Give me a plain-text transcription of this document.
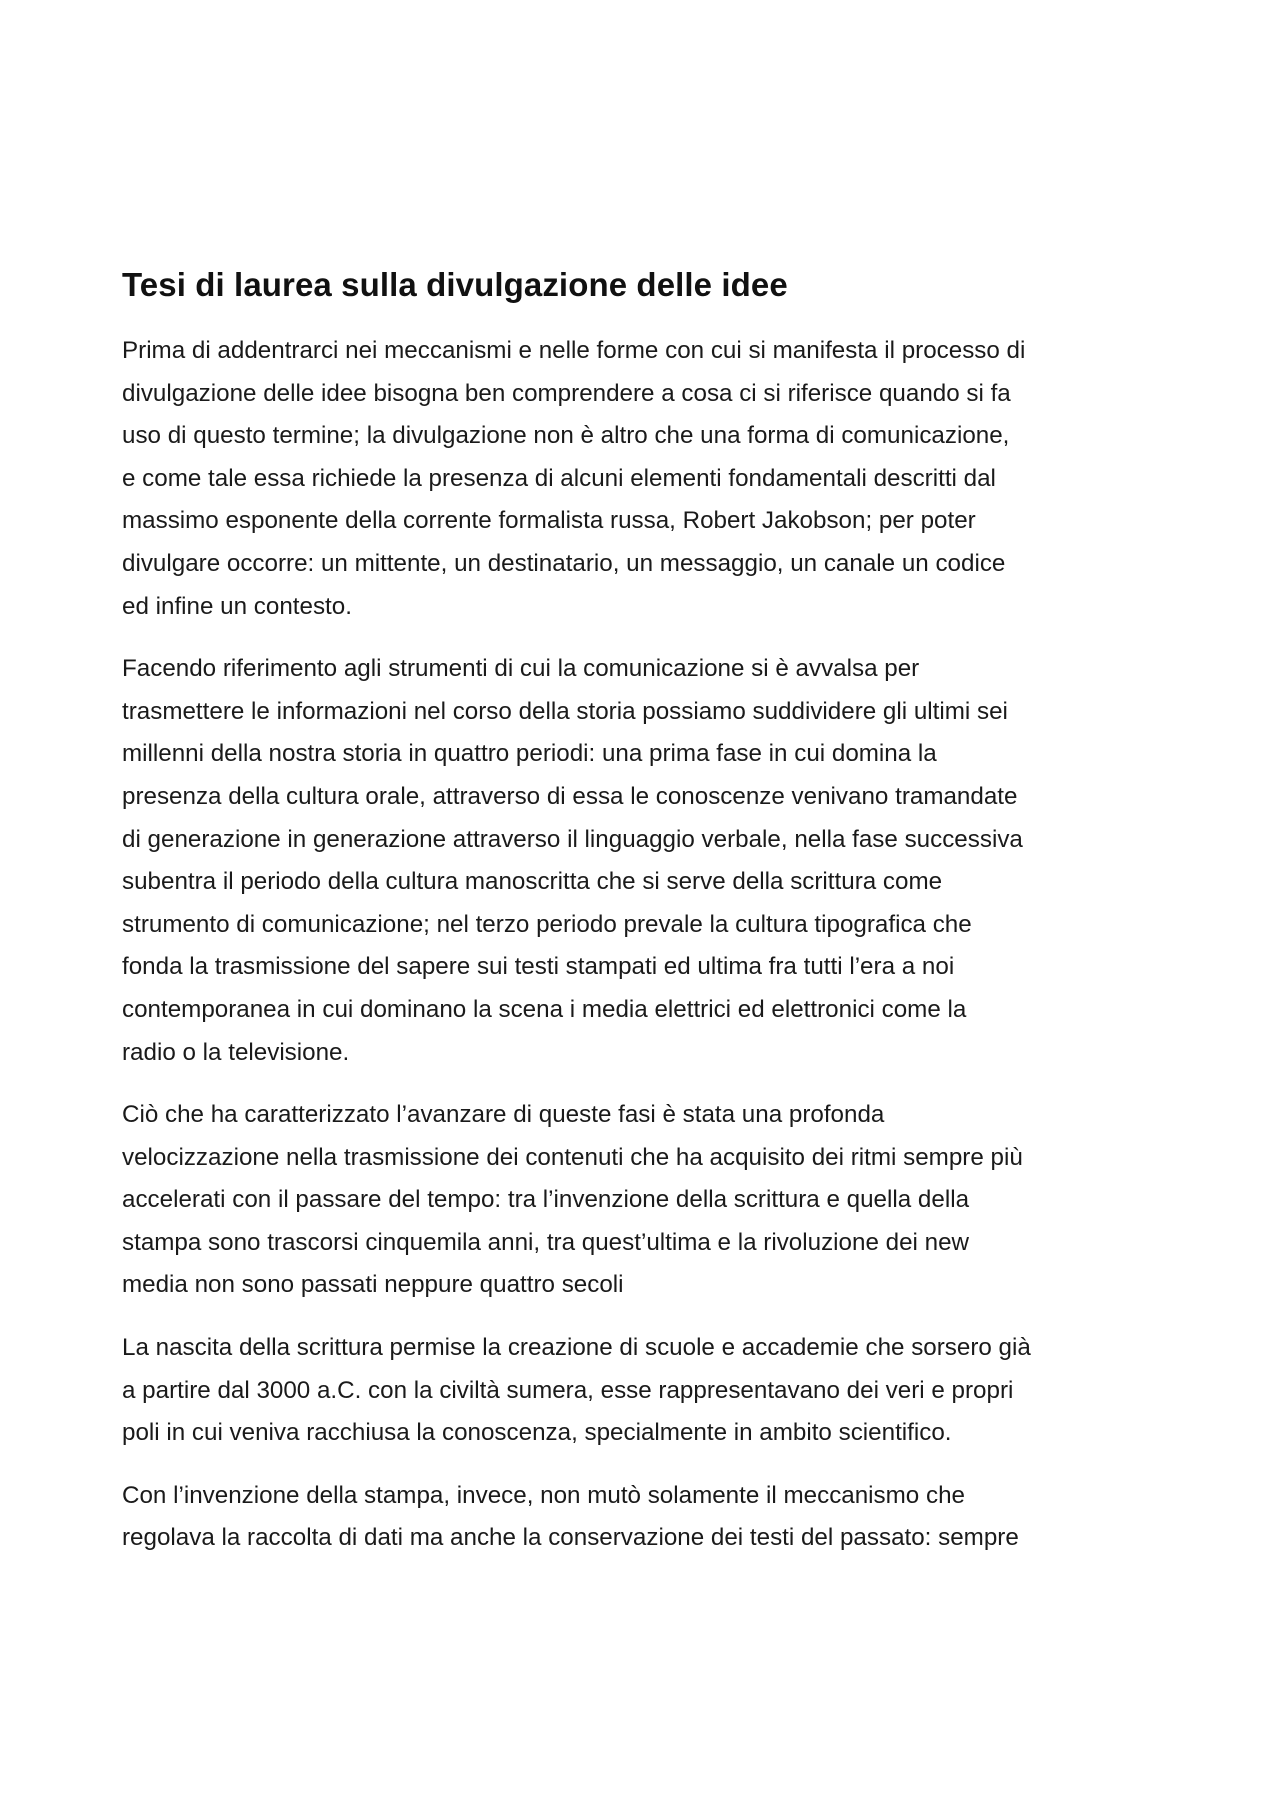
Tesi di laurea sulla divulgazione delle idee

Prima di addentrarci nei meccanismi e nelle forme con cui si manifesta il processo di
divulgazione delle idee bisogna ben comprendere a cosa ci si riferisce quando si fa
uso di questo termine; la divulgazione non è altro che una forma di comunicazione,
e come tale essa richiede la presenza di alcuni elementi fondamentali descritti dal
massimo esponente della corrente formalista russa, Robert Jakobson; per poter
divulgare occorre: un mittente, un destinatario, un messaggio, un canale un codice
ed infine un contesto.

Facendo riferimento agli strumenti di cui la comunicazione si è avvalsa per
trasmettere le informazioni nel corso della storia possiamo suddividere gli ultimi sei
millenni della nostra storia in quattro periodi: una prima fase in cui domina la
presenza della cultura orale, attraverso di essa le conoscenze venivano tramandate
di generazione in generazione attraverso il linguaggio verbale, nella fase successiva
subentra il periodo della cultura manoscritta che si serve della scrittura come
strumento di comunicazione; nel terzo periodo prevale la cultura tipografica che
fonda la trasmissione del sapere sui testi stampati ed ultima fra tutti l’era a noi
contemporanea in cui dominano la scena i media elettrici ed elettronici come la
radio o la televisione.

Ciò che ha caratterizzato l’avanzare di queste fasi è stata una profonda
velocizzazione nella trasmissione dei contenuti che ha acquisito dei ritmi sempre più
accelerati con il passare del tempo: tra l’invenzione della scrittura e quella della
stampa sono trascorsi cinquemila anni, tra quest’ultima e la rivoluzione dei new
media non sono passati neppure quattro secoli

La nascita della scrittura permise la creazione di scuole e accademie che sorsero già
a partire dal 3000 a.C. con la civiltà sumera, esse rappresentavano dei veri e propri
poli in cui veniva racchiusa la conoscenza, specialmente in ambito scientifico.

Con l’invenzione della stampa, invece, non mutò solamente il meccanismo che
regolava la raccolta di dati ma anche la conservazione dei testi del passato: sempre
